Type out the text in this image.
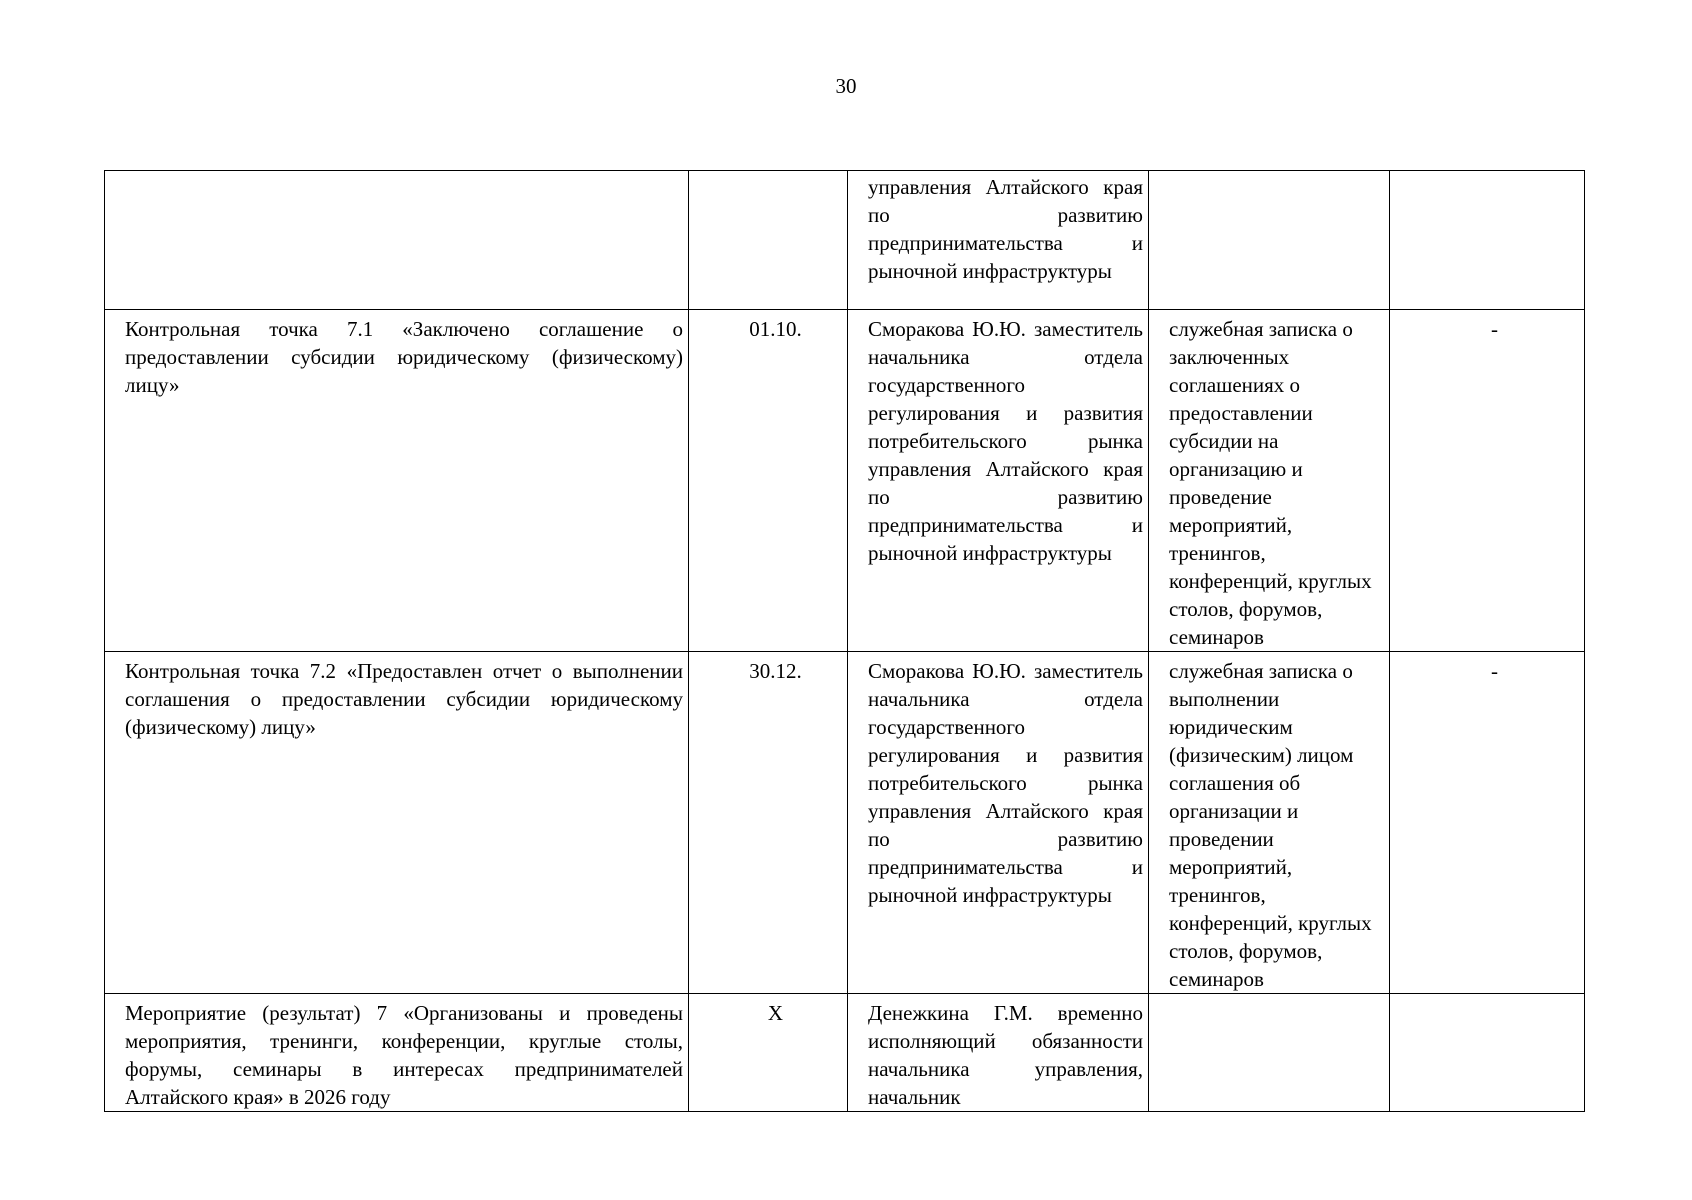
30
		управления Алтайского края по развитию предпринимательства и рыночной инфраструктуры		
Контрольная точка 7.1 «Заключено соглашение о предоставлении субсидии юридическому (физическому) лицу»	01.10.	Сморакова Ю.Ю. заместитель начальника отдела государственного регулирования и развития потребительского рынка управления Алтайского края по развитию предпринимательства и рыночной инфраструктуры	служебная записка о заключенных соглашениях о предоставлении субсидии на организацию и проведение мероприятий, тренингов, конференций, круглых столов, форумов, семинаров	-
Контрольная точка 7.2 «Предоставлен отчет о выполнении соглашения о предоставлении субсидии юридическому (физическому) лицу»	30.12.	Сморакова Ю.Ю. заместитель начальника отдела государственного регулирования и развития потребительского рынка управления Алтайского края по развитию предпринимательства и рыночной инфраструктуры	служебная записка о выполнении юридическим (физическим) лицом соглашения об организации и проведении мероприятий, тренингов, конференций, круглых столов, форумов, семинаров	-
Мероприятие (результат) 7 «Организованы и проведены мероприятия, тренинги, конференции, круглые столы, форумы, семинары в интересах предпринимателей Алтайского края» в 2026 году	X	Денежкина Г.М. временно исполняющий обязанности начальника управления, начальник		
